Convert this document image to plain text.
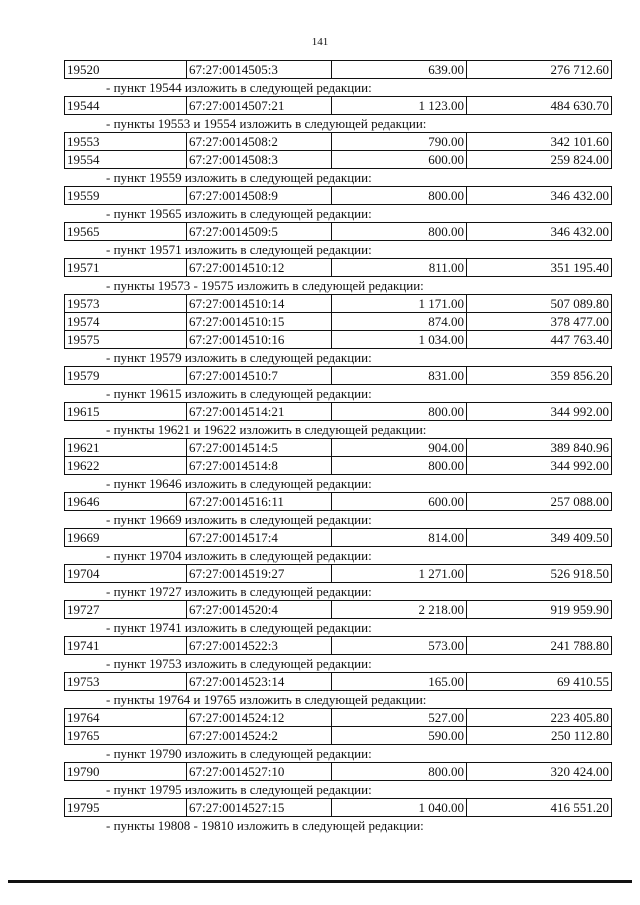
141
19520	67:27:0014505:3	639.00	276 712.60
- пункт 19544 изложить в следующей редакции:
19544	67:27:0014507:21	1 123.00	484 630.70
- пункты 19553 и 19554 изложить в следующей редакции:
19553	67:27:0014508:2	790.00	342 101.60
19554	67:27:0014508:3	600.00	259 824.00
- пункт 19559 изложить в следующей редакции:
19559	67:27:0014508:9	800.00	346 432.00
- пункт 19565 изложить в следующей редакции:
19565	67:27:0014509:5	800.00	346 432.00
- пункт 19571 изложить в следующей редакции:
19571	67:27:0014510:12	811.00	351 195.40
- пункты 19573 - 19575 изложить в следующей редакции:
19573	67:27:0014510:14	1 171.00	507 089.80
19574	67:27:0014510:15	874.00	378 477.00
19575	67:27:0014510:16	1 034.00	447 763.40
- пункт 19579 изложить в следующей редакции:
19579	67:27:0014510:7	831.00	359 856.20
- пункт 19615 изложить в следующей редакции:
19615	67:27:0014514:21	800.00	344 992.00
- пункты 19621 и 19622 изложить в следующей редакции:
19621	67:27:0014514:5	904.00	389 840.96
19622	67:27:0014514:8	800.00	344 992.00
- пункт 19646 изложить в следующей редакции:
19646	67:27:0014516:11	600.00	257 088.00
- пункт 19669 изложить в следующей редакции:
19669	67:27:0014517:4	814.00	349 409.50
- пункт 19704 изложить в следующей редакции:
19704	67:27:0014519:27	1 271.00	526 918.50
- пункт 19727 изложить в следующей редакции:
19727	67:27:0014520:4	2 218.00	919 959.90
- пункт 19741 изложить в следующей редакции:
19741	67:27:0014522:3	573.00	241 788.80
- пункт 19753 изложить в следующей редакции:
19753	67:27:0014523:14	165.00	69 410.55
- пункты 19764 и 19765 изложить в следующей редакции:
19764	67:27:0014524:12	527.00	223 405.80
19765	67:27:0014524:2	590.00	250 112.80
- пункт 19790 изложить в следующей редакции:
19790	67:27:0014527:10	800.00	320 424.00
- пункт 19795 изложить в следующей редакции:
19795	67:27:0014527:15	1 040.00	416 551.20
- пункты 19808 - 19810 изложить в следующей редакции:
